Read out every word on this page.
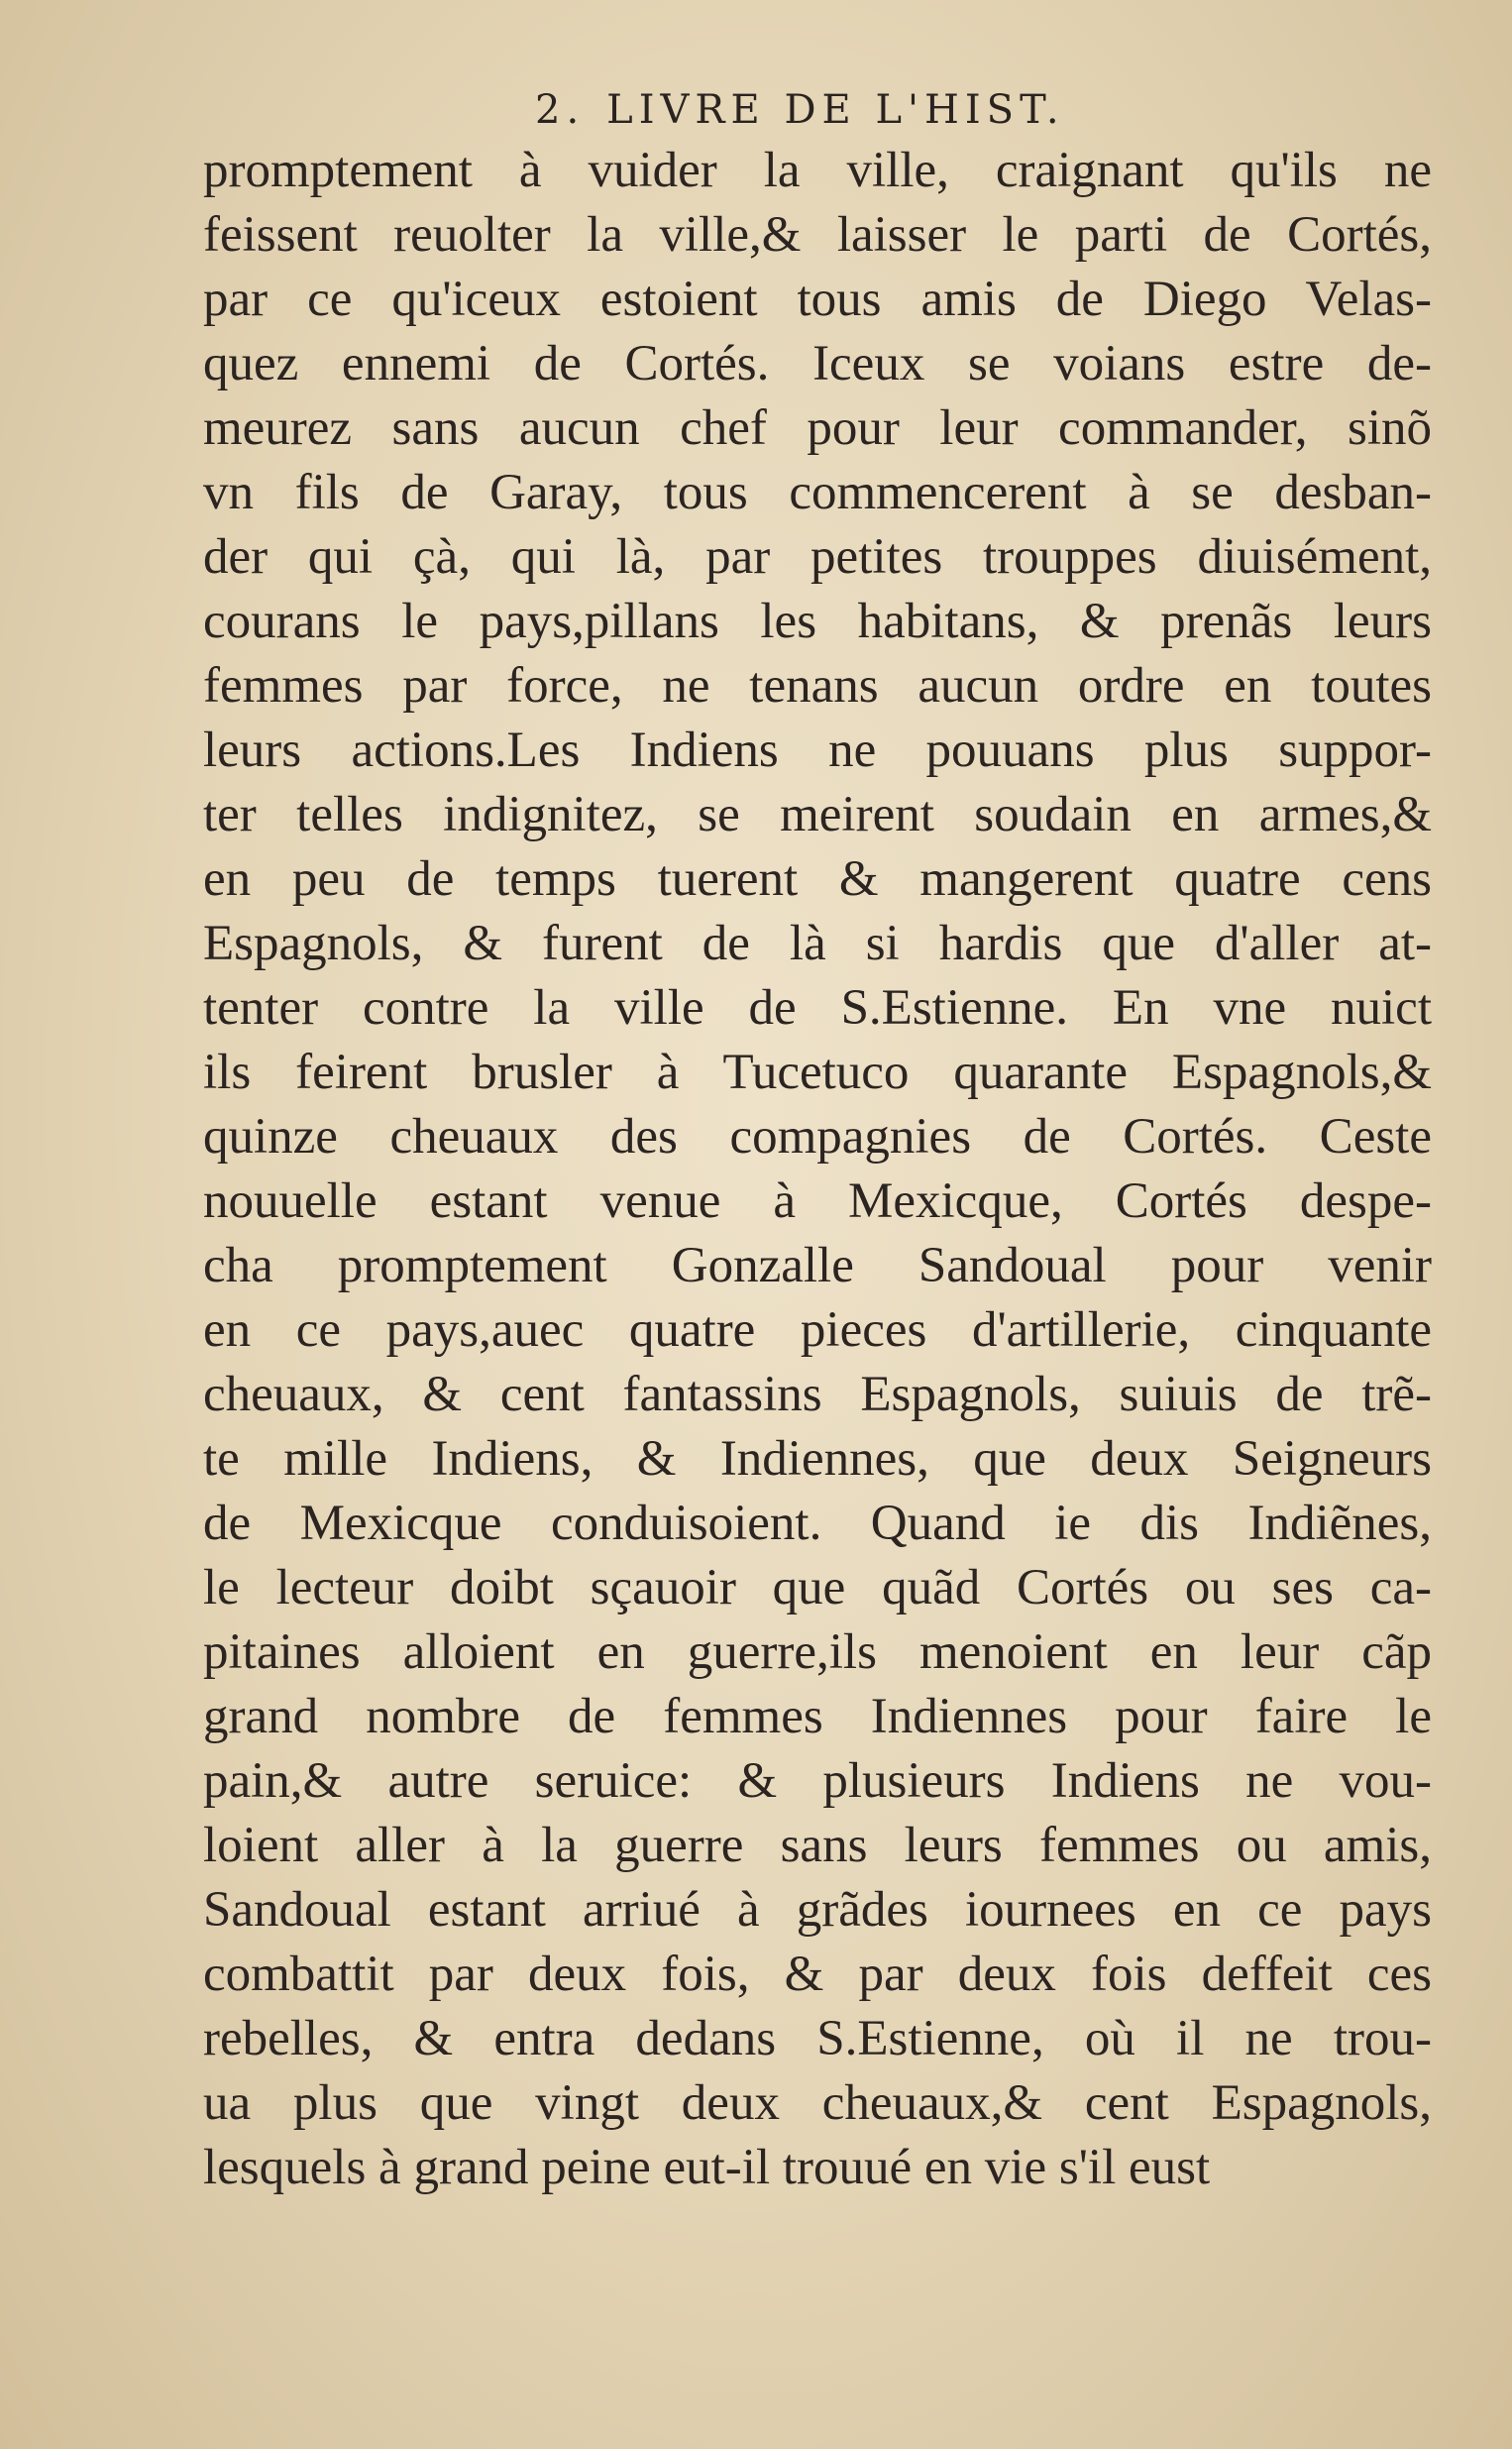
2. LIVRE DE L'HIST.
promptement à vuider la ville, craignant qu'ils ne
feissent reuolter la ville,& laisser le parti de Cortés,
par ce qu'iceux estoient tous amis de Diego Velas-
quez ennemi de Cortés. Iceux se voians estre de-
meurez sans aucun chef pour leur commander, sinõ
vn fils de Garay, tous commencerent à se desban-
der qui çà, qui là, par petites trouppes diuisément,
courans le pays,pillans les habitans, & prenãs leurs
femmes par force, ne tenans aucun ordre en toutes
leurs actions.Les Indiens ne pouuans plus suppor-
ter telles indignitez, se meirent soudain en armes,&
en peu de temps tuerent & mangerent quatre cens
Espagnols, & furent de là si hardis que d'aller at-
tenter contre la ville de S.Estienne. En vne nuict
ils feirent brusler à Tucetuco quarante Espagnols,&
quinze cheuaux des compagnies de Cortés. Ceste
nouuelle estant venue à Mexicque, Cortés despe-
cha promptement Gonzalle Sandoual pour venir
en ce pays,auec quatre pieces d'artillerie, cinquante
cheuaux, & cent fantassins Espagnols, suiuis de trẽ-
te mille Indiens, & Indiennes, que deux Seigneurs
de Mexicque conduisoient. Quand ie dis Indiẽnes,
le lecteur doibt sçauoir que quãd Cortés ou ses ca-
pitaines alloient en guerre,ils menoient en leur cãp
grand nombre de femmes Indiennes pour faire le
pain,& autre seruice: & plusieurs Indiens ne vou-
loient aller à la guerre sans leurs femmes ou amis,
Sandoual estant arriué à grãdes iournees en ce pays
combattit par deux fois, & par deux fois deffeit ces
rebelles, & entra dedans S.Estienne, où il ne trou-
ua plus que vingt deux cheuaux,& cent Espagnols,
lesquels à grand peine eut-il trouué en vie s'il eust
